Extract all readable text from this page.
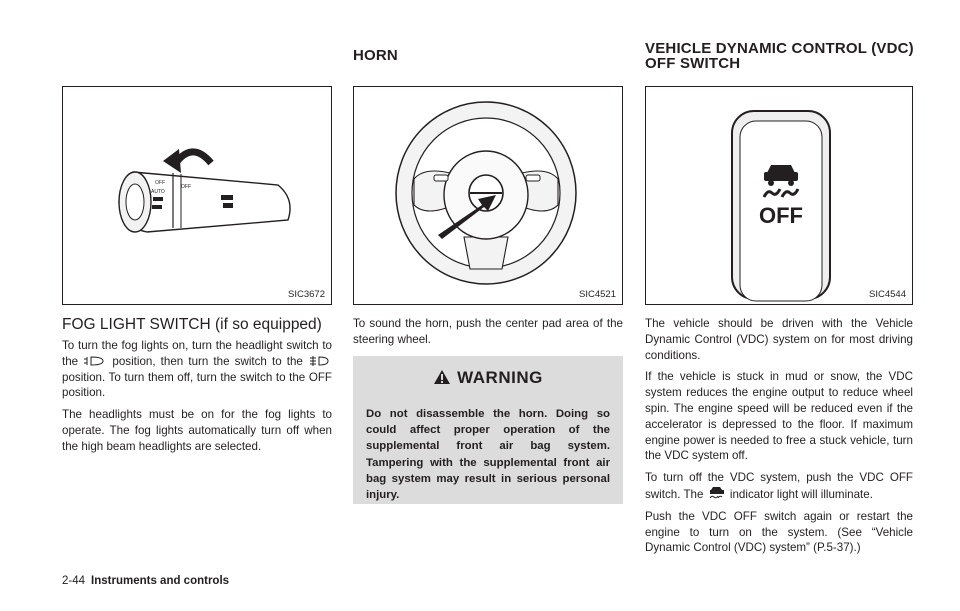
HORN	VEHICLE DYNAMIC CONTROL (VDC)
OFF SWITCH
OFF
AUTO
OFF
SIC3672	SIC4521
OFF
SIC4544
FOG LIGHT SWITCH (if so equipped)

To turn the fog lights on, turn the headlight switch to the	position, then turn the switch to the  position. To turn them off, turn the switch to the OFF position.

The headlights must be on for the fog lights to operate. The fog lights automatically turn off when the high beam headlights are selected.

To sound the horn, push the center pad area of the steering wheel.

WARNING
Do not disassemble the horn. Doing so could affect proper operation of the supplemental front air bag system. Tampering with the supplemental front air bag system may result in serious personal injury.

The vehicle should be driven with the Vehicle Dynamic Control (VDC) system on for most driving conditions.

If the vehicle is stuck in mud or snow, the VDC system reduces the engine output to reduce wheel spin. The engine speed will be reduced even if the accelerator is depressed to the floor. If maximum engine power is needed to free a stuck vehicle, turn the VDC system off.

To turn off the VDC system, push the VDC OFF switch. The indicator light will illuminate.

Push the VDC OFF switch again or restart the engine to turn on the system. (See “Vehicle Dynamic Control (VDC) system” (P.5-37).)

2-44 Instruments and controls
